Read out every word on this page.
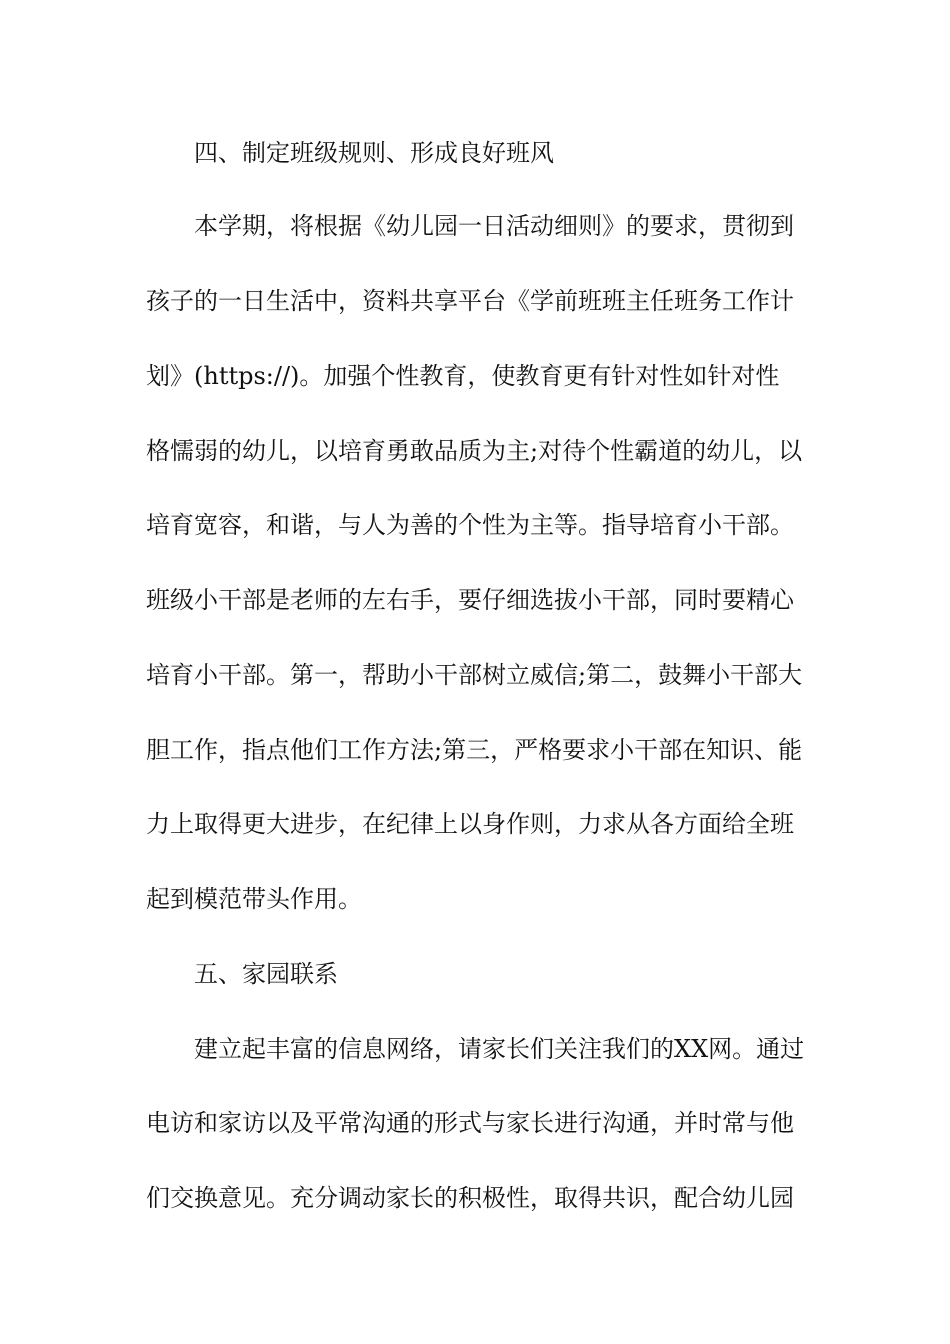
四、制定班级规则、形成良好班风
本学期，将根据《幼儿园一日活动细则》的要求，贯彻到
孩子的一日生活中，资料共享平台《学前班班主任班务工作计
划》(https://)。加强个性教育，使教育更有针对性如针对性
格懦弱的幼儿，以培育勇敢品质为主;对待个性霸道的幼儿，以
培育宽容，和谐，与人为善的个性为主等。指导培育小干部。
班级小干部是老师的左右手，要仔细选拔小干部，同时要精心
培育小干部。第一，帮助小干部树立威信;第二，鼓舞小干部大
胆工作，指点他们工作方法;第三，严格要求小干部在知识、能
力上取得更大进步，在纪律上以身作则，力求从各方面给全班
起到模范带头作用。
五、家园联系
建立起丰富的信息网络，请家长们关注我们的XX网。通过
电访和家访以及平常沟通的形式与家长进行沟通，并时常与他
们交换意见。充分调动家长的积极性，取得共识，配合幼儿园
